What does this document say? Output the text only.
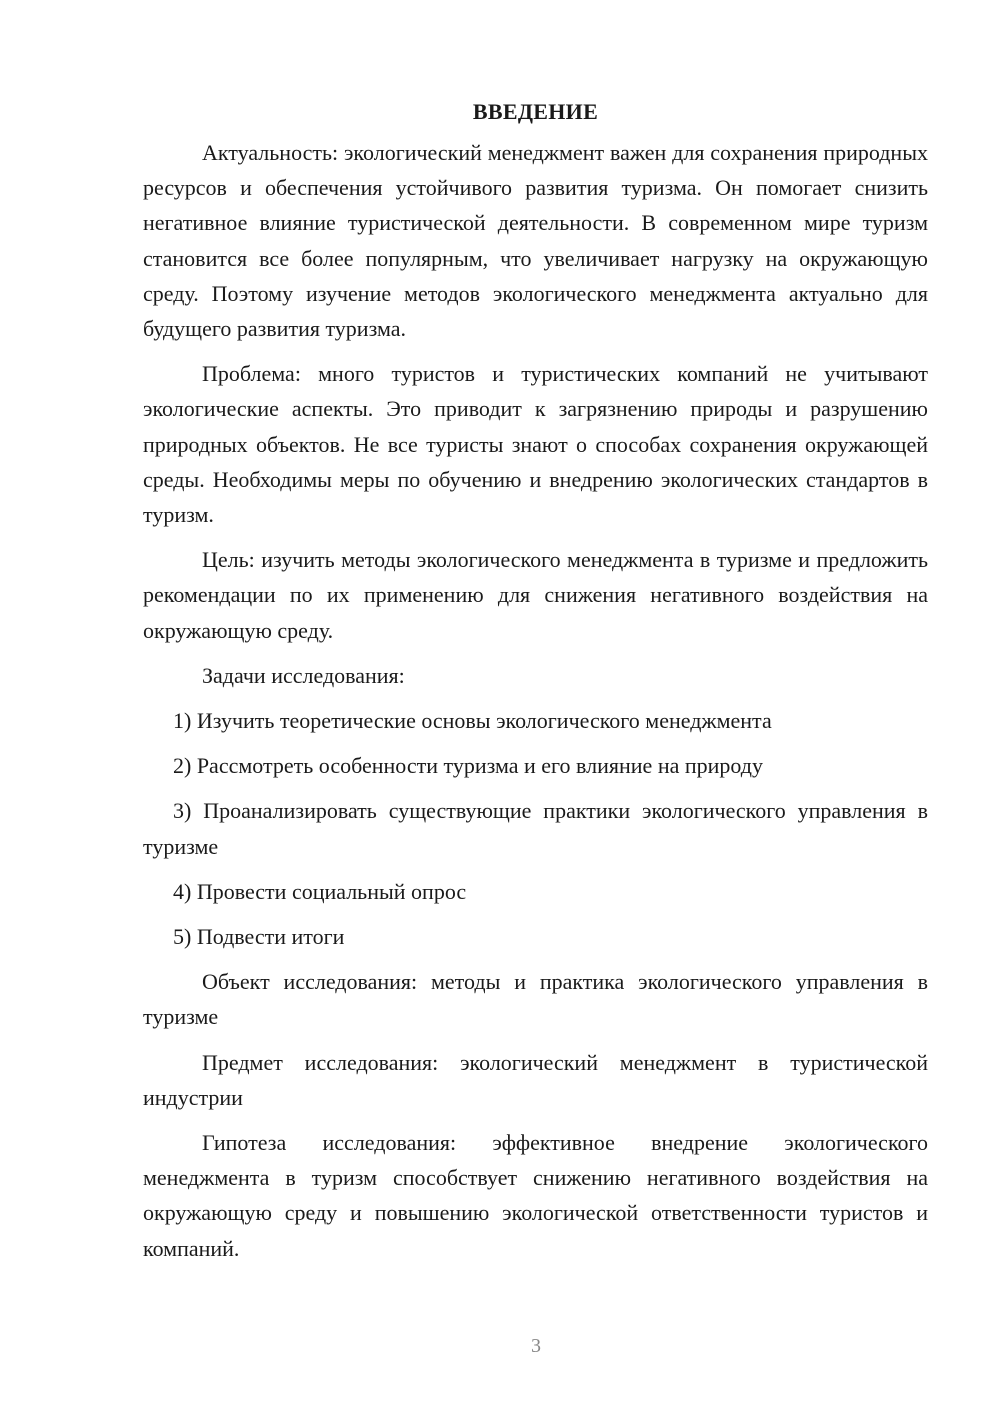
ВВЕДЕНИЕ

Актуальность: экологический менеджмент важен для сохранения природных ресурсов и обеспечения устойчивого развития туризма. Он помогает снизить негативное влияние туристической деятельности. В современном мире туризм становится все более популярным, что увеличивает нагрузку на окружающую среду. Поэтому изучение методов экологического менеджмента актуально для будущего развития туризма.

Проблема: много туристов и туристических компаний не учитывают экологические аспекты. Это приводит к загрязнению природы и разрушению природных объектов. Не все туристы знают о способах сохранения окружающей среды. Необходимы меры по обучению и внедрению экологических стандартов в туризм.

Цель: изучить методы экологического менеджмента в туризме и предложить рекомендации по их применению для снижения негативного воздействия на окружающую среду.

Задачи исследования:

1) Изучить теоретические основы экологического менеджмента

2) Рассмотреть особенности туризма и его влияние на природу

3) Проанализировать существующие практики экологического управления в туризме

4) Провести социальный опрос

5) Подвести итоги

Объект исследования: методы и практика экологического управления в туризме

Предмет исследования: экологический менеджмент в туристической индустрии

Гипотеза исследования: эффективное внедрение экологического менеджмента в туризм способствует снижению негативного воздействия на окружающую среду и повышению экологической ответственности туристов и компаний.

3
